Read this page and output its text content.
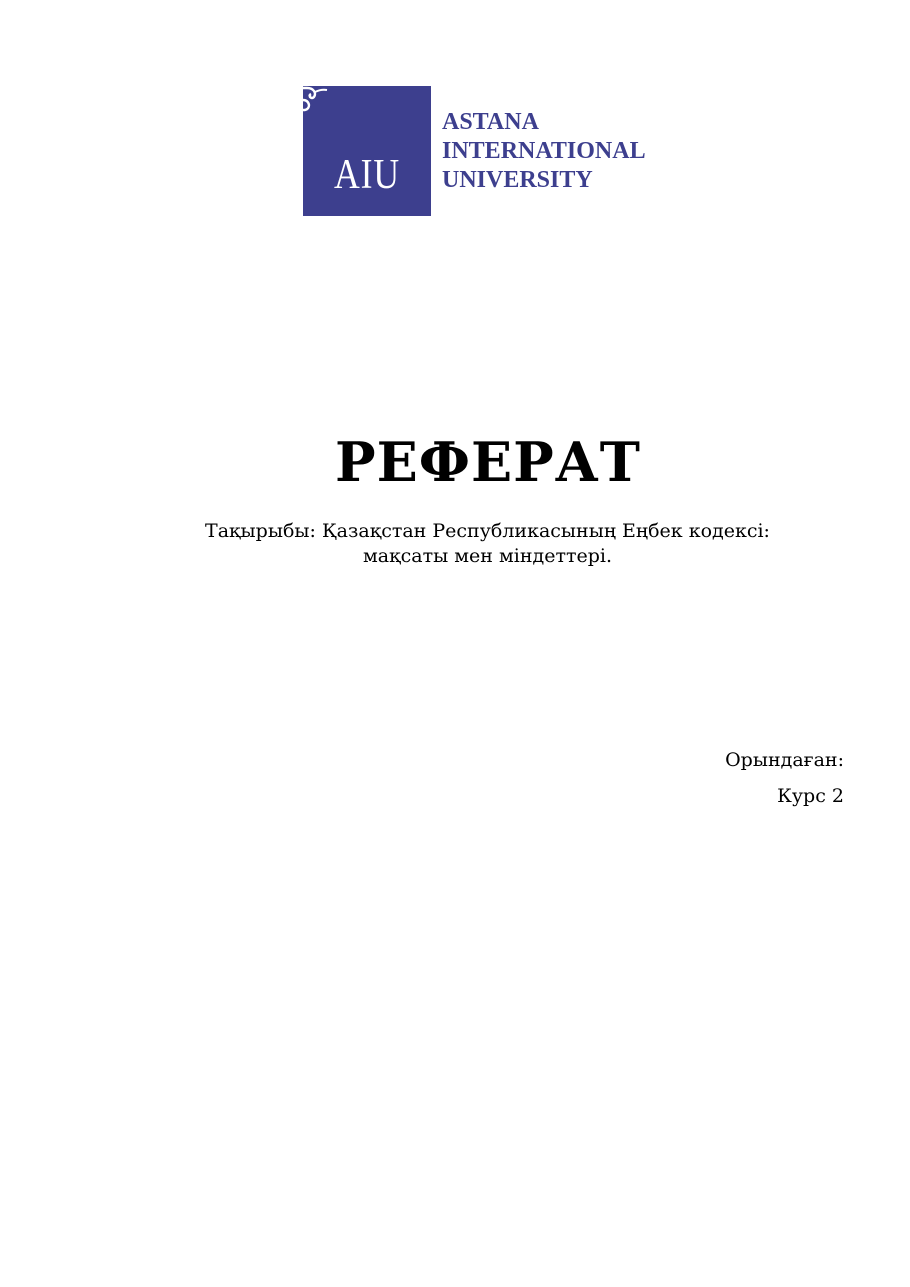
AIU
ASTANA
INTERNATIONAL
UNIVERSITY
РЕФЕРАТ
Тақырыбы: Қазақстан Республикасының Еңбек кодексі:
мақсаты мен міндеттері.
Орындаған:
Курс 2
